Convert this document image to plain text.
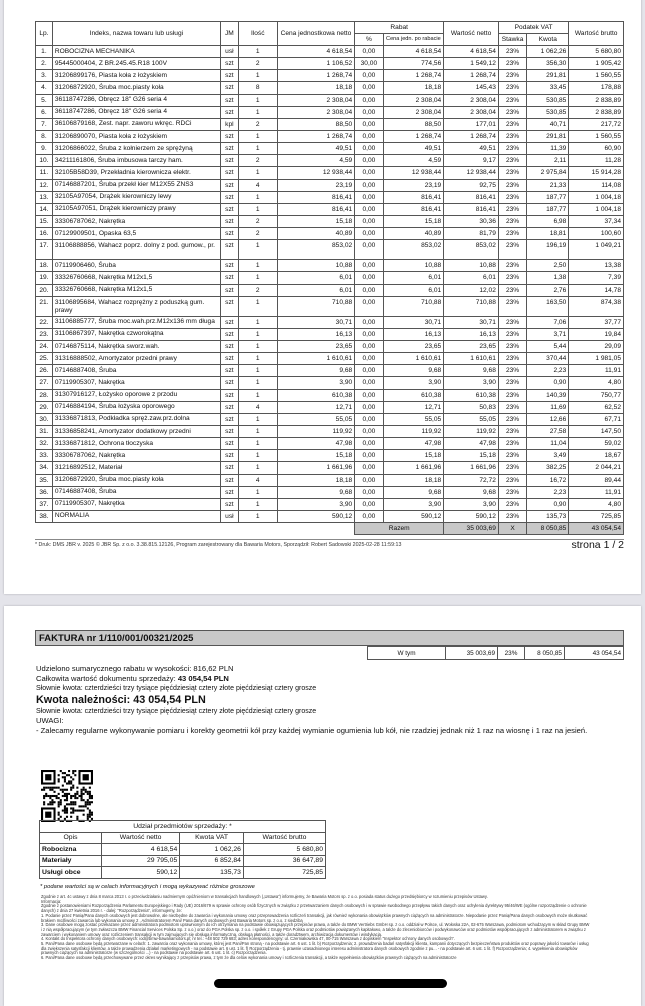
Lp.	Indeks, nazwa towaru lub usługi	JM	Ilość	Cena jednostkowa netto	Rabat		Wartość netto	Podatek VAT		Wartość brutto
					%	Cena jedn. po rabacie		Stawka	Kwota	
1.	ROBOCIZNA MECHANIKA	usł	1	4 618,54	0,00	4 618,54	4 618,54	23%	1 062,26	5 680,80
2.	95445000404, Z BR.245.45.R18 100V	szt	2	1 106,52	30,00	774,56	1 549,12	23%	356,30	1 905,42
3.	31206899176, Piasta koła z łożyskiem	szt	1	1 268,74	0,00	1 268,74	1 268,74	23%	291,81	1 560,55
4.	31206872920, Śruba moc.piasty koła	szt	8	18,18	0,00	18,18	145,43	23%	33,45	178,88
5.	36118747286, Obręcz 18" G26 seria 4	szt	1	2 308,04	0,00	2 308,04	2 308,04	23%	530,85	2 838,89
6.	36118747286, Obręcz 18" G26 seria 4	szt	1	2 308,04	0,00	2 308,04	2 308,04	23%	530,85	2 838,89
7.	36106879168, Zest. napr. zaworu wkręc. RDCi	kpl	2	88,50	0,00	88,50	177,01	23%	40,71	217,72
8.	31206890070, Piasta koła z łożyskiem	szt	1	1 268,74	0,00	1 268,74	1 268,74	23%	291,81	1 560,55
9.	31206866022, Śruba z kołnierzem ze sprężyną	szt	1	49,51	0,00	49,51	49,51	23%	11,39	60,90
10.	34211161806, Śruba imbusowa tarczy ham.	szt	2	4,59	0,00	4,59	9,17	23%	2,11	11,28
11.	32105B58D39, Przekładnia kierownicza elektr.	szt	1	12 938,44	0,00	12 938,44	12 938,44	23%	2 975,84	15 914,28
12.	07146887201, Śruba przekł kier M12X55 ZNS3	szt	4	23,19	0,00	23,19	92,75	23%	21,33	114,08
13.	32105A97054, Drążek kierowniczy lewy	szt	1	816,41	0,00	816,41	816,41	23%	187,77	1 004,18
14.	32105A97051, Drążek kierowniczy prawy	szt	1	816,41	0,00	816,41	816,41	23%	187,77	1 004,18
15.	33306787062, Nakrętka	szt	2	15,18	0,00	15,18	30,36	23%	6,98	37,34
16.	07129909501, Opaska 63,5	szt	2	40,89	0,00	40,89	81,79	23%	18,81	100,60
17.	31106888856, Wahacz poprz. dolny z pod. gumow., pr.	szt	1	853,02	0,00	853,02	853,02	23%	196,19	1 049,21
18.	07119906460, Śruba	szt	1	10,88	0,00	10,88	10,88	23%	2,50	13,38
19.	33326760668, Nakrętka M12x1,5	szt	1	6,01	0,00	6,01	6,01	23%	1,38	7,39
20.	33326760668, Nakrętka M12x1,5	szt	2	6,01	0,00	6,01	12,02	23%	2,76	14,78
21.	31106895684, Wahacz rozprężny z poduszką gum. prawy	szt	1	710,88	0,00	710,88	710,88	23%	163,50	874,38
22.	31106885777, Śruba moc.wah.prz.M12x136 mm długa	szt	1	30,71	0,00	30,71	30,71	23%	7,06	37,77
23.	31106867397, Nakrętka czworokątna	szt	1	16,13	0,00	16,13	16,13	23%	3,71	19,84
24.	07146875114, Nakrętka sworz.wah.	szt	1	23,65	0,00	23,65	23,65	23%	5,44	29,09
25.	31316888502, Amortyzator przedni prawy	szt	1	1 610,61	0,00	1 610,61	1 610,61	23%	370,44	1 981,05
26.	07146887408, Śruba	szt	1	9,68	0,00	9,68	9,68	23%	2,23	11,91
27.	07119905307, Nakrętka	szt	1	3,90	0,00	3,90	3,90	23%	0,90	4,80
28.	31307916127, Łożysko oporowe z przodu	szt	1	610,38	0,00	610,38	610,38	23%	140,39	750,77
29.	07146884194, Śruba łożyska oporowego	szt	4	12,71	0,00	12,71	50,83	23%	11,69	62,52
30.	31336871813, Podkładka spręż.zaw.prz.dolna	szt	1	55,05	0,00	55,05	55,05	23%	12,66	67,71
31.	31336858241, Amortyzator dodatkowy przedni	szt	1	119,92	0,00	119,92	119,92	23%	27,58	147,50
32.	31336871812, Ochrona tłoczyska	szt	1	47,98	0,00	47,98	47,98	23%	11,04	59,02
33.	33306787062, Nakrętka	szt	1	15,18	0,00	15,18	15,18	23%	3,49	18,67
34.	31216892512, Materiał	szt	1	1 661,96	0,00	1 661,96	1 661,96	23%	382,25	2 044,21
35.	31206872920, Śruba moc.piasty koła	szt	4	18,18	0,00	18,18	72,72	23%	16,72	89,44
36.	07146887408, Śruba	szt	1	9,68	0,00	9,68	9,68	23%	2,23	11,91
37.	07119905307, Nakrętka	szt	1	3,90	0,00	3,90	3,90	23%	0,90	4,80
38.	NORMALIA	usł	1	590,12	0,00	590,12	590,12	23%	135,73	725,85
					Razem		35 003,69	X	8 050,85	43 054,54
* Druk: DMS JBR v. 2025 © JBR Sp. z o.o. 3.38.815.12126, Program zarejestrowany dla Bawaria Motors, Sporządził: Robert Sadowski 2025-02-28 11:59:13	strona 1 / 2
FAKTURA nr 1/110/001/00321/2025
W tym	35 003,69	23%	8 050,85	43 054,54
Udzielono sumarycznego rabatu w wysokości: 816,62 PLN
Całkowita wartość dokumentu sprzedaży: 43 054,54 PLN
Słownie kwota: czterdzieści trzy tysiące pięćdziesiąt cztery złote pięćdziesiąt cztery grosze
Kwota należności: 43 054,54 PLN
Słownie kwota: czterdzieści trzy tysiące pięćdziesiąt cztery złote pięćdziesiąt cztery grosze
UWAGI:
- Zalecamy regularne wykonywanie pomiaru i korekty geometrii kół przy każdej wymianie ogumienia lub kół, nie rzadziej jednak niż 1 raz na wiosnę i 1 raz na jesień.
Udział przedmiotów sprzedaży: *			
Opis	Wartość netto	Kwota VAT	Wartość brutto
Robocizna	4 618,54	1 062,26	5 680,80
Materiały	29 795,05	6 852,84	36 647,89
Usługi obce	590,12	135,73	725,85
* podane wartości są w celach informacyjnych i mogą wykazywać różnice groszowe
Zgodnie z art. 4c ustawy z dnia 8 marca 2013 r. o przeciwdziałaniu nadmiernym opóźnieniom w transakcjach handlowych („Ustawa”) informujemy, że Bawaria Motors sp. z o.o. posiada status dużego przedsiębiorcy w rozumieniu przepisów Ustawy.
Informacja:
Zgodnie z postanowieniami Rozporządzenia Parlamentu Europejskiego i Rady (UE) 2016/679 w sprawie ochrony osób fizycznych w związku z przetwarzaniem danych osobowych i w sprawie swobodnego przepływu takich danych oraz uchylenia dyrektywy 95/46/WE (ogólne rozporządzenie o ochronie danych) z dnia 27 kwietnia 2016 r. - dalej: "Rozporządzenia", informujemy, że:
1. Podanie przez Panią/Pana danych osobowych jest dobrowolne, ale niezbędne do zawarcia i wykonania umowy oraz przeprowadzenia rozliczeń transakcji, jak również wykonania obowiązków prawnych ciążących na administratorze. Niepodanie przez Panią/Pana danych osobowych może skutkować brakiem możliwości zawarcia lub wykonania umowy 2 . Administratorem Pani/ Pana danych osobowych jest Bawaria Motors sp. z o.o. z siedzibą
3. Dane osobowe mogą zostać przekazane przez administratora podmiotom uprawnionym do ich otrzymania na podstawie obowiązujących przepisów prawa, a także do BMW Vertriebs GmbH sp. z o.o. oddział w Polsce, ul. Wołoska 22A, 02-675 Warszawa, podmiotom wchodzącym w skład Grupy BMW i z nią współpracującym (w tym zwłaszcza BMW Financial Services Polska Sp. z o.o.) oraz do PGA Polska sp. z o.o. i spółek z Grupy PGA Polska oraz podmiotów powiązanych kapitałowo, a także do zleceniobiorców i podwykonawców oraz podmiotów współpracujących z administratorem w związku z zawarciem i wykonaniem umowy oraz rozliczeniem transakcji w tym zajmujących się obsługą informatyczną, obsługą płatności, a także doradztwem, archiwizacją dokumentów i windykacją.
4. Kontakt do Inspektora ochrony danych osobowych: iod@bmw-bawariamotors.pl; nr tel.: +48 502 729 683; adres korespondencyjny: ul. Czerniakowska 47, 00-715 Warszawa z dopiskiem "Inspektor ochrony danych osobowych".
5. Pani/Pana dane osobowe będą przetwarzane w celach: 1. zawarcia oraz wykonania umowy, której jest Pani/Pan stroną - na podstawie art. 6 ust. 1 lit. b) Rozporządzenia; 2. prowadzenia badań satysfakcji klienta, kampanii dotyczących bezpieczeństwa produktów oraz poprawy jakości towarów i usług dla zwiększenia satysfakcji klientów, a także prowadzenia działań marketingowych - na podstawie art. 6 ust. 1 lit. f) Rozporządzenia - tj. prawnie uzasadnionego interesu administratora danych osobowych zgodnie z pu... - na podstawie art. 6 ust. 1 lit. f) Rozporządzenia; 4. wypełnienia obowiązków prawnych ciążących na administratorze (w szczególności ...) - na podstawie na podstawie art. 6 ust. 1 lit. c) Rozporządzenia.
6. Pani/Pana dane osobowe będą przechowywane przez okres wynikający z przepisów prawa, z tym że dla celów wykonania umowy i rozliczenia transakcji, a także wypełnienia obowiązków prawnych ciążących na administratorze
